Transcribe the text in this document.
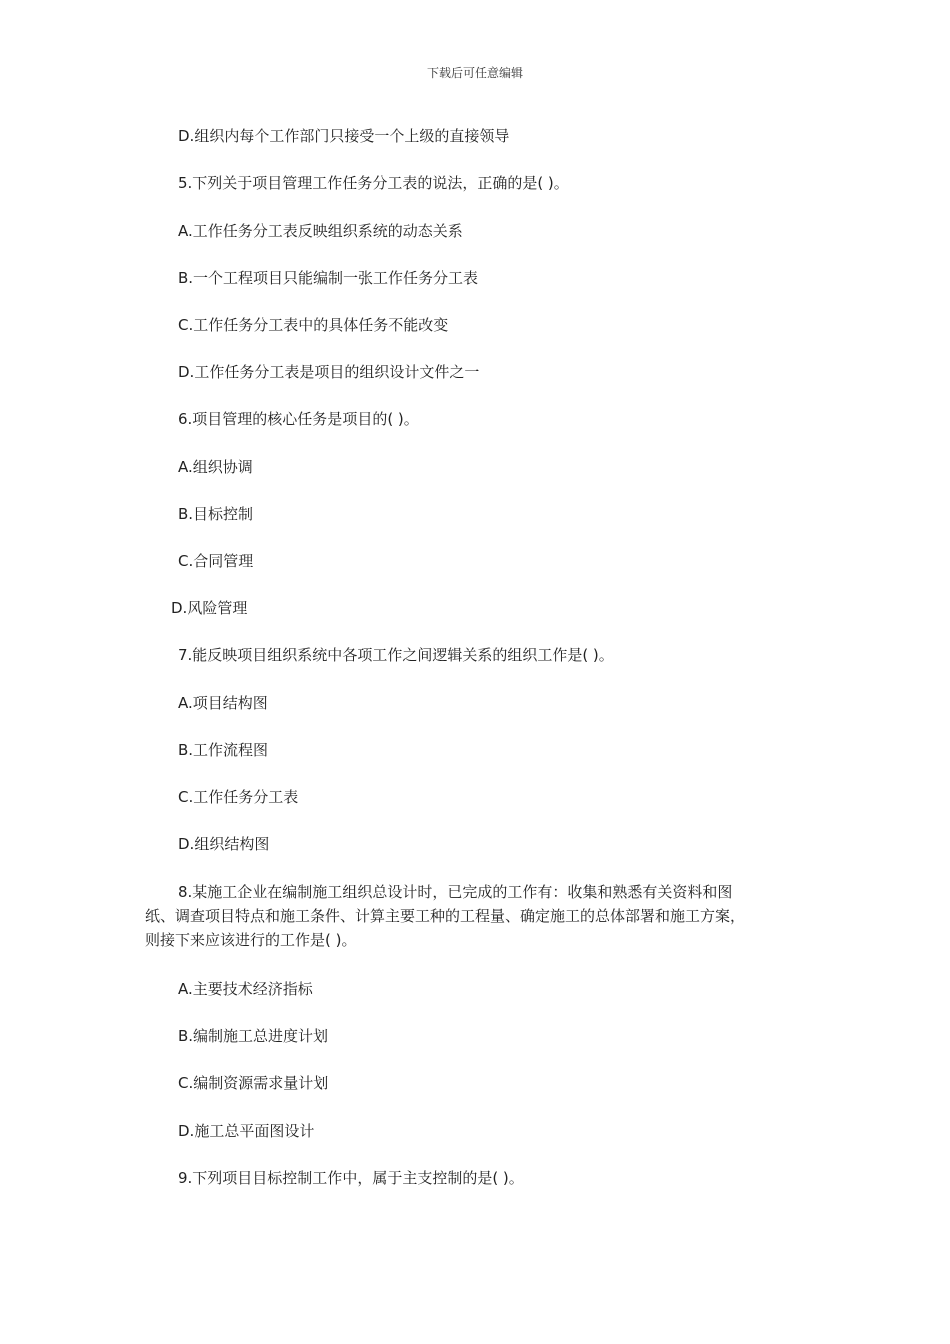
下载后可任意编辑
D.组织内每个工作部门只接受一个上级的直接领导
5.下列关于项目管理工作任务分工表的说法，正确的是( )。
A.工作任务分工表反映组织系统的动态关系
B.一个工程项目只能编制一张工作任务分工表
C.工作任务分工表中的具体任务不能改变
D.工作任务分工表是项目的组织设计文件之一
6.项目管理的核心任务是项目的( )。
A.组织协调
B.目标控制
C.合同管理
D.风险管理
7.能反映项目组织系统中各项工作之间逻辑关系的组织工作是( )。
A.项目结构图
B.工作流程图
C.工作任务分工表
D.组织结构图
8.某施工企业在编制施工组织总设计时，已完成的工作有：收集和熟悉有关资料和图
纸、调查项目特点和施工条件、计算主要工种的工程量、确定施工的总体部署和施工方案，
则接下来应该进行的工作是( )。
A.主要技术经济指标
B.编制施工总进度计划
C.编制资源需求量计划
D.施工总平面图设计
9.下列项目目标控制工作中，属于主支控制的是( )。
